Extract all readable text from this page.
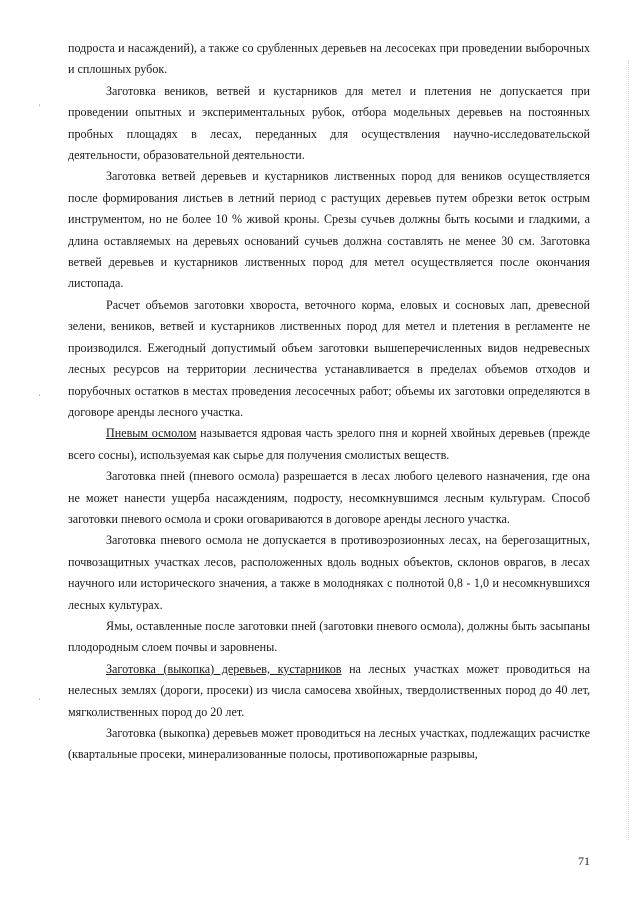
подроста и насаждений), а также со срубленных деревьев на лесосеках при проведении выборочных и сплошных рубок.

Заготовка веников, ветвей и кустарников для метел и плетения не допускается при проведении опытных и экспериментальных рубок, отбора модельных деревьев на постоянных пробных площадях в лесах, переданных для осуществления научно-исследовательской деятельности, образовательной деятельности.

Заготовка ветвей деревьев и кустарников лиственных пород для веников осуществляется после формирования листьев в летний период с растущих деревьев путем обрезки веток острым инструментом, но не более 10 % живой кроны. Срезы сучьев должны быть косыми и гладкими, а длина оставляемых на деревьях оснований сучьев должна составлять не менее 30 см. Заготовка ветвей деревьев и кустарников лиственных пород для метел осуществляется после окончания листопада.

Расчет объемов заготовки хвороста, веточного корма, еловых и сосновых лап, древесной зелени, веников, ветвей и кустарников лиственных пород для метел и плетения в регламенте не производился. Ежегодный допустимый объем заготовки вышеперечисленных видов недревесных лесных ресурсов на территории лесничества устанавливается в пределах объемов отходов и порубочных остатков в местах проведения лесосечных работ; объемы их заготовки определяются в договоре аренды лесного участка.

Пневым осмолом называется ядровая часть зрелого пня и корней хвойных деревьев (прежде всего сосны), используемая как сырье для получения смолистых веществ.

Заготовка пней (пневого осмола) разрешается в лесах любого целевого назначения, где она не может нанести ущерба насаждениям, подросту, несомкнувшимся лесным культурам. Способ заготовки пневого осмола и сроки оговариваются в договоре аренды лесного участка.

Заготовка пневого осмола не допускается в противоэрозионных лесах, на берегозащитных, почвозащитных участках лесов, расположенных вдоль водных объектов, склонов оврагов, в лесах научного или исторического значения, а также в молодняках с полнотой 0,8 - 1,0 и несомкнувшихся лесных культурах.

Ямы, оставленные после заготовки пней (заготовки пневого осмола), должны быть засыпаны плодородным слоем почвы и заровнены.

Заготовка (выкопка) деревьев, кустарников на лесных участках может проводиться на нелесных землях (дороги, просеки) из числа самосева хвойных, твердолиственных пород до 40 лет, мягколиственных пород до 20 лет.

Заготовка (выкопка) деревьев может проводиться на лесных участках, подлежащих расчистке (квартальные просеки, минерализованные полосы, противопожарные разрывы,

71
ˌ
ˌ
ˌ
